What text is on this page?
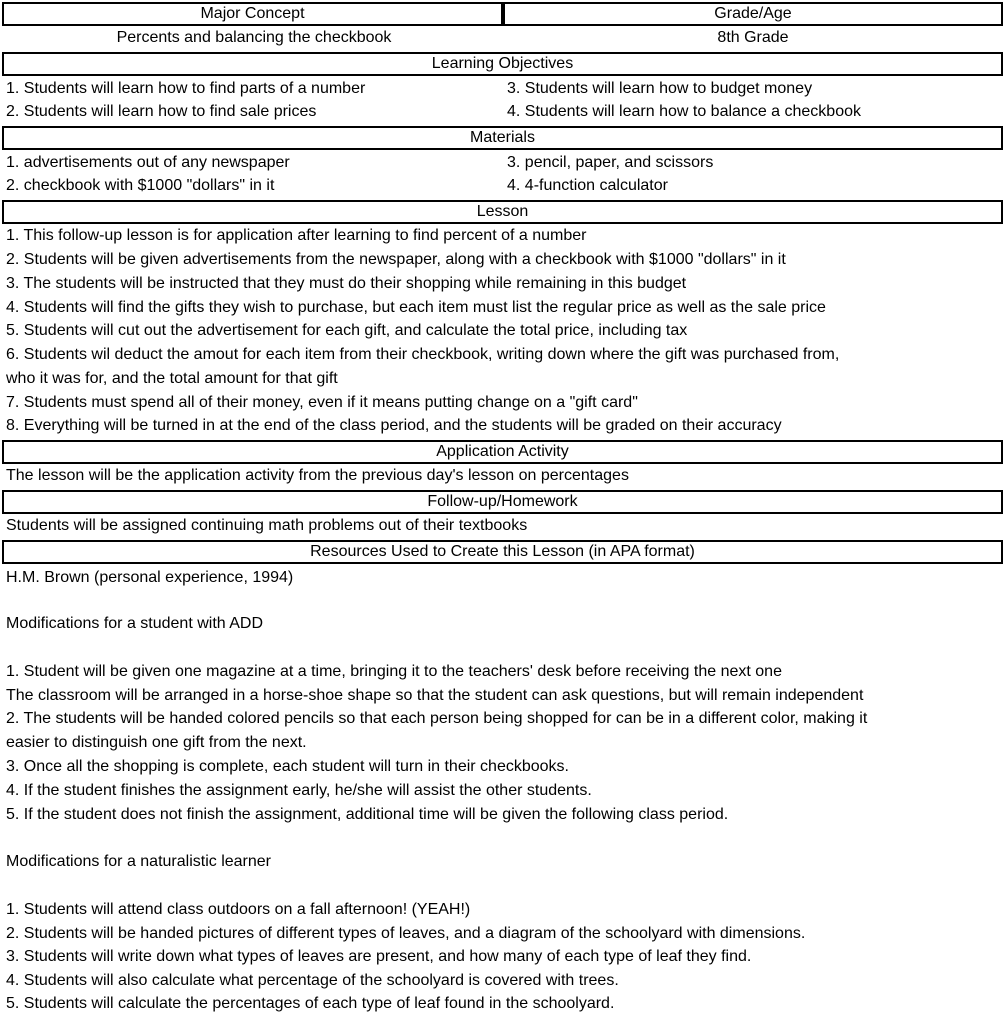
Major Concept	Grade/Age
Percents and balancing the checkbook	8th Grade
Learning Objectives
1. Students will learn how to find parts of a number	3. Students will learn how to budget money
2. Students will learn how to find sale prices	4. Students will learn how to balance a checkbook
Materials
1. advertisements out of any newspaper	3. pencil, paper, and scissors
2. checkbook with $1000 "dollars" in it	4. 4-function calculator
Lesson
1. This follow-up lesson is for application after learning to find percent of a number
2. Students will be given advertisements from the newspaper, along with a checkbook with $1000 "dollars" in it
3. The students will be instructed that they must do their shopping while remaining in this budget
4. Students will find the gifts they wish to purchase, but each item must list the regular price as well as the sale price
5. Students will cut out the advertisement for each gift, and calculate the total price, including tax
6. Students wil deduct the amout for each item from their checkbook, writing down where the gift was purchased from,
who it was for, and the total amount for that gift
7. Students must spend all of their money, even if it means putting change on a "gift card"
8. Everything will be turned in at the end of the class period, and the students will be graded on their accuracy
Application Activity
The lesson will be the application activity from the previous day's lesson on percentages
Follow-up/Homework
Students will be assigned continuing math problems out of their textbooks
Resources Used to Create this Lesson (in APA format)
H.M. Brown (personal experience, 1994)
Modifications for a student with ADD
1. Student will be given one magazine at a time, bringing it to the teachers' desk before receiving the next one
The classroom will be arranged in a horse-shoe shape so that the student can ask questions, but will remain independent
2. The students will be handed colored pencils so that each person being shopped for can be in a different color, making it
easier to distinguish one gift from the next.
3. Once all the shopping is complete, each student will turn in their checkbooks.
4. If the student finishes the assignment early, he/she will assist the other students.
5. If the student does not finish the assignment, additional time will be given the following class period.
Modifications for a naturalistic learner
1. Students will attend class outdoors on a fall afternoon! (YEAH!)
2. Students will be handed pictures of different types of leaves, and a diagram of the schoolyard with dimensions.
3. Students will write down what types of leaves are present, and how many of each type of leaf they find.
4. Students will also calculate what percentage of the schoolyard is covered with trees.
5. Students will calculate the percentages of each type of leaf found in the schoolyard.
